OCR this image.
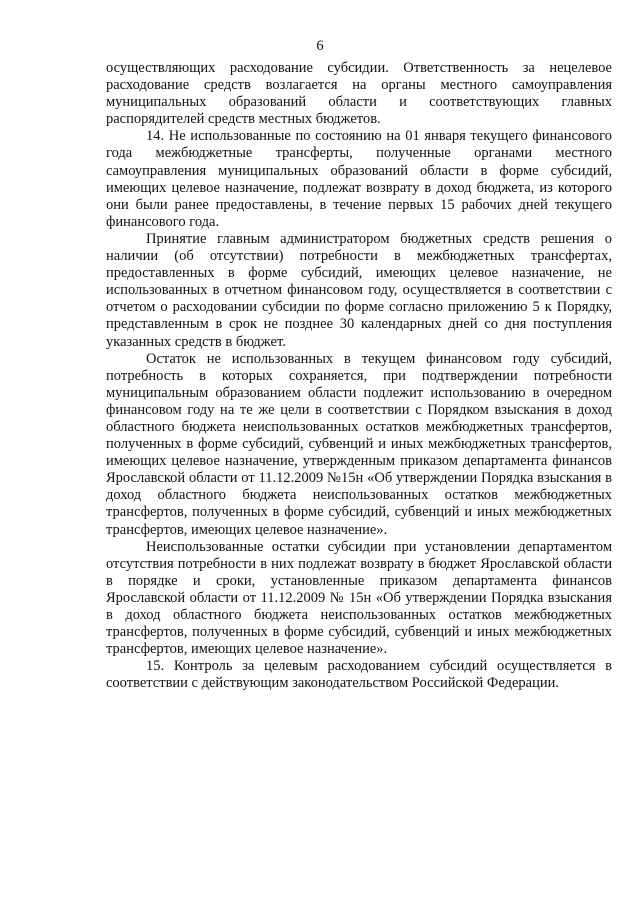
6

осуществляющих расходование субсидии. Ответственность за нецелевое расходование средств возлагается на органы местного самоуправления муниципальных образований области и соответствующих главных распорядителей средств местных бюджетов.

14. Не использованные по состоянию на 01 января текущего финансового года межбюджетные трансферты, полученные органами местного самоуправления муниципальных образований области в форме субсидий, имеющих целевое назначение, подлежат возврату в доход бюджета, из которого они были ранее предоставлены, в течение первых 15 рабочих дней текущего финансового года.

Принятие главным администратором бюджетных средств решения о наличии (об отсутствии) потребности в межбюджетных трансфертах, предоставленных в форме субсидий, имеющих целевое назначение, не использованных в отчетном финансовом году, осуществляется в соответствии с отчетом о расходовании субсидии по форме согласно приложению 5 к Порядку, представленным в срок не позднее 30 календарных дней со дня поступления указанных средств в бюджет.

Остаток не использованных в текущем финансовом году субсидий, потребность в которых сохраняется, при подтверждении потребности муниципальным образованием области подлежит использованию в очередном финансовом году на те же цели в соответствии с Порядком взыскания в доход областного бюджета неиспользованных остатков межбюджетных трансфертов, полученных в форме субсидий, субвенций и иных межбюджетных трансфертов, имеющих целевое назначение, утвержденным приказом департамента финансов Ярославской области от 11.12.2009 №15н «Об утверждении Порядка взыскания в доход областного бюджета неиспользованных остатков межбюджетных трансфертов, полученных в форме субсидий, субвенций и иных межбюджетных трансфертов, имеющих целевое назначение».

Неиспользованные остатки субсидии при установлении департаментом отсутствия потребности в них подлежат возврату в бюджет Ярославской области в порядке и сроки, установленные приказом департамента финансов Ярославской области от 11.12.2009 № 15н «Об утверждении Порядка взыскания в доход областного бюджета неиспользованных остатков межбюджетных трансфертов, полученных в форме субсидий, субвенций и иных межбюджетных трансфертов, имеющих целевое назначение».

15. Контроль за целевым расходованием субсидий осуществляется в соответствии с действующим законодательством Российской Федерации.
